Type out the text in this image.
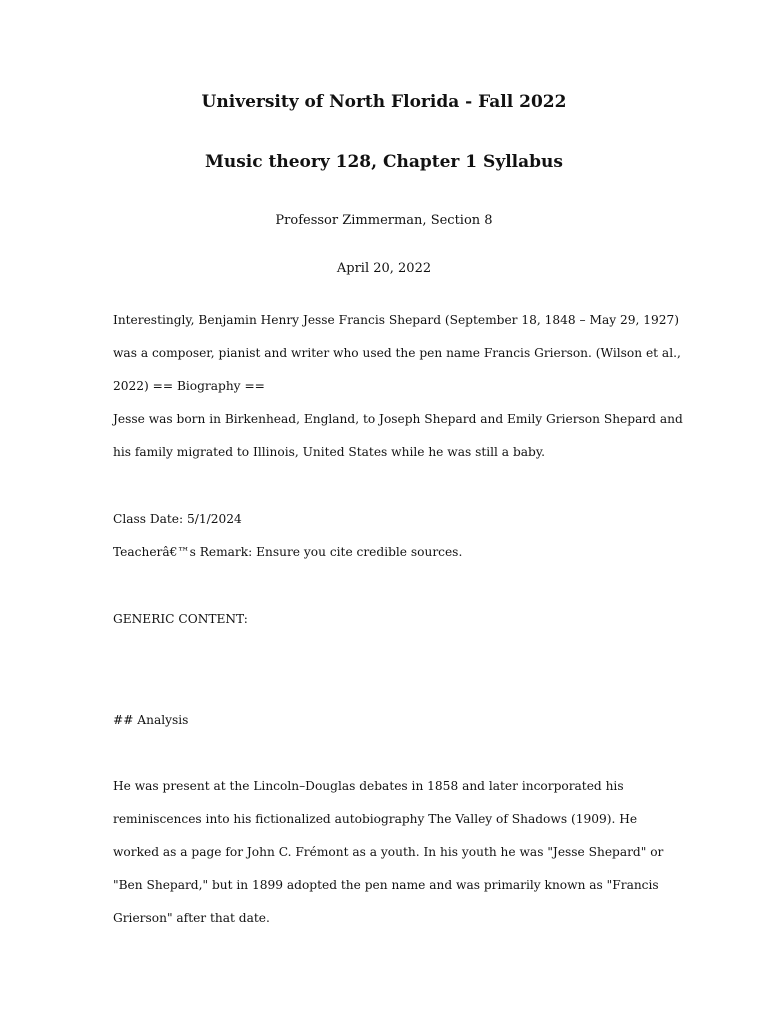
University of North Florida - Fall 2022
Music theory 128, Chapter 1 Syllabus

Professor Zimmerman, Section 8

April 20, 2022

Interestingly, Benjamin Henry Jesse Francis Shepard (September 18, 1848 – May 29, 1927)
was a composer, pianist and writer who used the pen name Francis Grierson. (Wilson et al.,
2022) == Biography ==
Jesse was born in Birkenhead, England, to Joseph Shepard and Emily Grierson Shepard and
his family migrated to Illinois, United States while he was still a baby.
Class Date: 5/1/2024
Teacherâ€™s Remark: Ensure you cite credible sources.
GENERIC CONTENT:
## Analysis
He was present at the Lincoln–Douglas debates in 1858 and later incorporated his
reminiscences into his fictionalized autobiography The Valley of Shadows (1909). He
worked as a page for John C. Frémont as a youth. In his youth he was "Jesse Shepard" or
"Ben Shepard," but in 1899 adopted the pen name and was primarily known as "Francis
Grierson" after that date.
